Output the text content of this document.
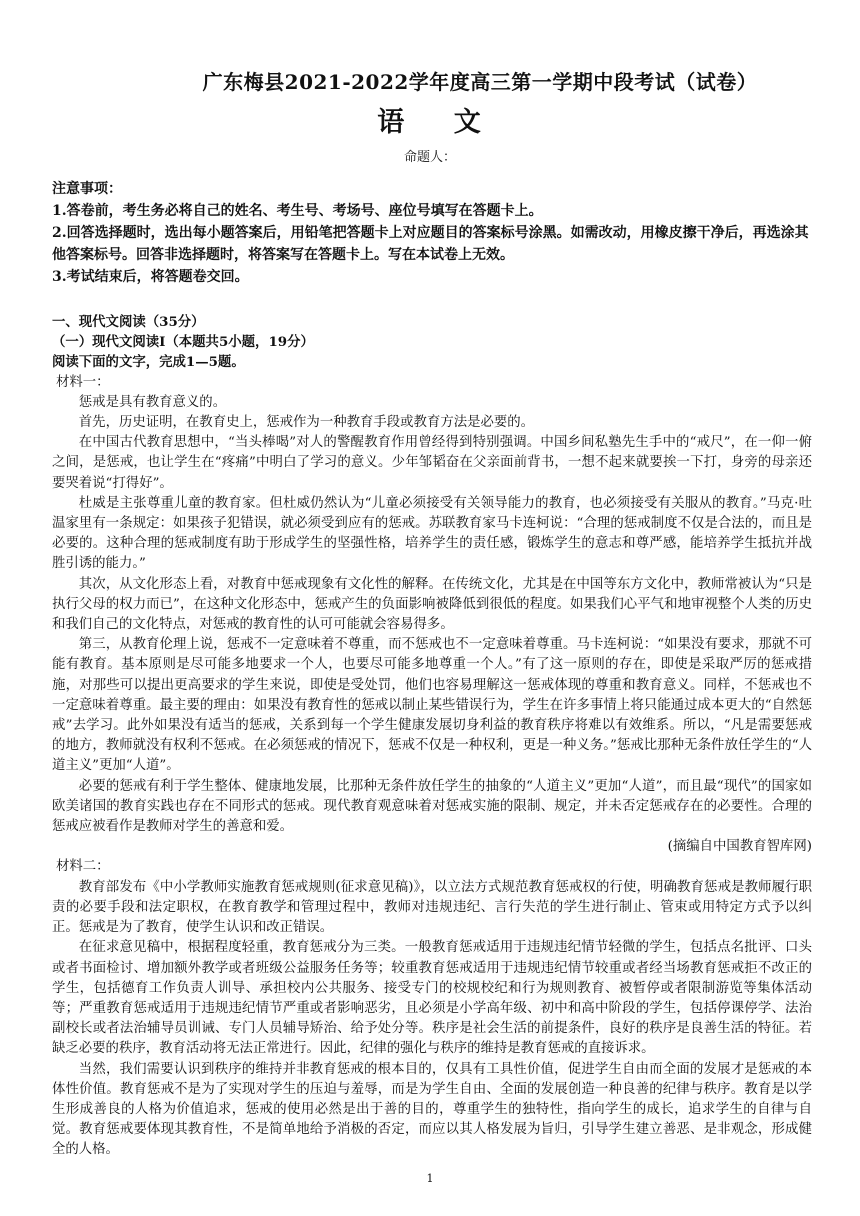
广东梅县2021-2022学年度高三第一学期中段考试（试卷）
语 文
命题人：

注意事项：

1.答卷前，考生务必将自己的姓名、考生号、考场号、座位号填写在答题卡上。

2.回答选择题时，选出每小题答案后，用铅笔把答题卡上对应题目的答案标号涂黑。如需改动，用橡皮擦干净后，再选涂其他答案标号。回答非选择题时，将答案写在答题卡上。写在本试卷上无效。

3.考试结束后，将答题卷交回。

一、现代文阅读（35分）

（一）现代文阅读Ⅰ（本题共5小题，19分）

阅读下面的文字，完成1—5题。

材料一：

惩戒是具有教育意义的。

首先，历史证明，在教育史上，惩戒作为一种教育手段或教育方法是必要的。

在中国古代教育思想中，“当头棒喝”对人的警醒教育作用曾经得到特别强调。中国乡间私塾先生手中的“戒尺”，在一仰一俯之间，是惩戒，也让学生在“疼痛”中明白了学习的意义。少年邹韬奋在父亲面前背书，一想不起来就要挨一下打，身旁的母亲还要哭着说“打得好”。

杜威是主张尊重儿童的教育家。但杜威仍然认为“儿童必须接受有关领导能力的教育，也必须接受有关服从的教育。”马克·吐温家里有一条规定：如果孩子犯错误，就必须受到应有的惩戒。苏联教育家马卡连柯说：“合理的惩戒制度不仅是合法的，而且是必要的。这种合理的惩戒制度有助于形成学生的坚强性格，培养学生的责任感，锻炼学生的意志和尊严感，能培养学生抵抗并战胜引诱的能力。”

其次，从文化形态上看，对教育中惩戒现象有文化性的解释。在传统文化，尤其是在中国等东方文化中，教师常被认为“只是执行父母的权力而已”，在这种文化形态中，惩戒产生的负面影响被降低到很低的程度。如果我们心平气和地审视整个人类的历史和我们自己的文化特点，对惩戒的教育性的认可可能就会容易得多。

第三，从教育伦理上说，惩戒不一定意味着不尊重，而不惩戒也不一定意味着尊重。马卡连柯说：“如果没有要求，那就不可能有教育。基本原则是尽可能多地要求一个人，也要尽可能多地尊重一个人。”有了这一原则的存在，即使是采取严厉的惩戒措施，对那些可以提出更高要求的学生来说，即使是受处罚，他们也容易理解这一惩戒体现的尊重和教育意义。同样，不惩戒也不一定意味着尊重。最主要的理由：如果没有教育性的惩戒以制止某些错误行为，学生在许多事情上将只能通过成本更大的“自然惩戒”去学习。此外如果没有适当的惩戒，关系到每一个学生健康发展切身利益的教育秩序将难以有效维系。所以，“凡是需要惩戒的地方，教师就没有权利不惩戒。在必须惩戒的情况下，惩戒不仅是一种权利，更是一种义务。”惩戒比那种无条件放任学生的“人道主义”更加“人道”。

必要的惩戒有利于学生整体、健康地发展，比那种无条件放任学生的抽象的“人道主义”更加“人道”，而且最“现代”的国家如欧美诸国的教育实践也存在不同形式的惩戒。现代教育观意味着对惩戒实施的限制、规定，并未否定惩戒存在的必要性。合理的惩戒应被看作是教师对学生的善意和爱。

(摘编自中国教育智库网)

材料二：

教育部发布《中小学教师实施教育惩戒规则(征求意见稿)》，以立法方式规范教育惩戒权的行使，明确教育惩戒是教师履行职责的必要手段和法定职权，在教育教学和管理过程中，教师对违规违纪、言行失范的学生进行制止、管束或用特定方式予以纠正。惩戒是为了教育，使学生认识和改正错误。

在征求意见稿中，根据程度轻重，教育惩戒分为三类。一般教育惩戒适用于违规违纪情节轻微的学生，包括点名批评、口头或者书面检讨、增加额外教学或者班级公益服务任务等；较重教育惩戒适用于违规违纪情节较重或者经当场教育惩戒拒不改正的学生，包括德育工作负责人训导、承担校内公共服务、接受专门的校规校纪和行为规则教育、被暂停或者限制游览等集体活动等；严重教育惩戒适用于违规违纪情节严重或者影响恶劣，且必须是小学高年级、初中和高中阶段的学生，包括停课停学、法治副校长或者法治辅导员训诫、专门人员辅导矫治、给予处分等。秩序是社会生活的前提条件，良好的秩序是良善生活的特征。若缺乏必要的秩序，教育活动将无法正常进行。因此，纪律的强化与秩序的维持是教育惩戒的直接诉求。

当然，我们需要认识到秩序的维持并非教育惩戒的根本目的，仅具有工具性价值，促进学生自由而全面的发展才是惩戒的本体性价值。教育惩戒不是为了实现对学生的压迫与羞辱，而是为学生自由、全面的发展创造一种良善的纪律与秩序。教育是以学生形成善良的人格为价值追求，惩戒的使用必然是出于善的目的，尊重学生的独特性，指向学生的成长，追求学生的自律与自觉。教育惩戒要体现其教育性，不是简单地给予消极的否定，而应以其人格发展为旨归，引导学生建立善恶、是非观念，形成健全的人格。

1
